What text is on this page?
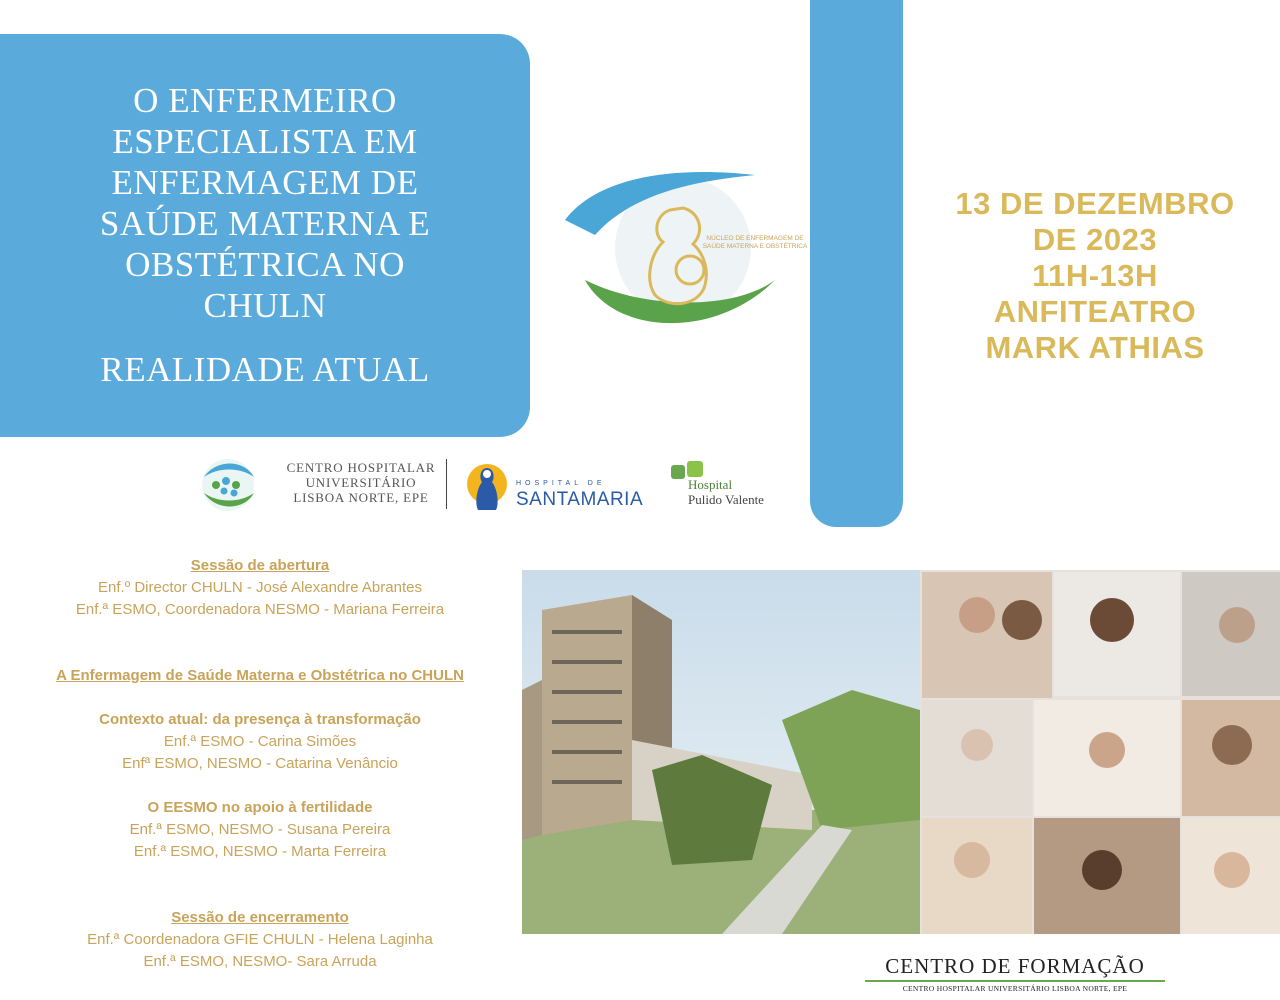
O ENFERMEIRO
ESPECIALISTA EM
ENFERMAGEM DE
SAÚDE MATERNA E
OBSTÉTRICA NO
CHULN
REALIDADE ATUAL
NÚCLEO DE ENFERMAGEM DE SAÚDE MATERNA E OBSTÉTRICA
13 DE DEZEMBRO
DE 2023
11H-13H
ANFITEATRO
MARK ATHIAS
CENTRO HOSPITALAR
UNIVERSITÁRIO
LISBOA NORTE, EPE
HOSPITAL DE
SANTAMARIA
Hospital
Pulido Valente
Sessão de abertura
Enf.º Director CHULN - José Alexandre Abrantes
Enf.ª ESMO, Coordenadora NESMO - Mariana Ferreira
A Enfermagem de Saúde Materna e Obstétrica no CHULN
Contexto atual: da presença à transformação
Enf.ª ESMO - Carina Simões
Enfª ESMO, NESMO - Catarina Venâncio
O EESMO no apoio à fertilidade
Enf.ª ESMO, NESMO - Susana Pereira
Enf.ª ESMO, NESMO - Marta Ferreira
Sessão de encerramento
Enf.ª Coordenadora GFIE CHULN - Helena Laginha
Enf.ª ESMO, NESMO- Sara Arruda	CENTRO DE FORMAÇÃO
CENTRO HOSPITALAR UNIVERSITÁRIO LISBOA NORTE, EPE
